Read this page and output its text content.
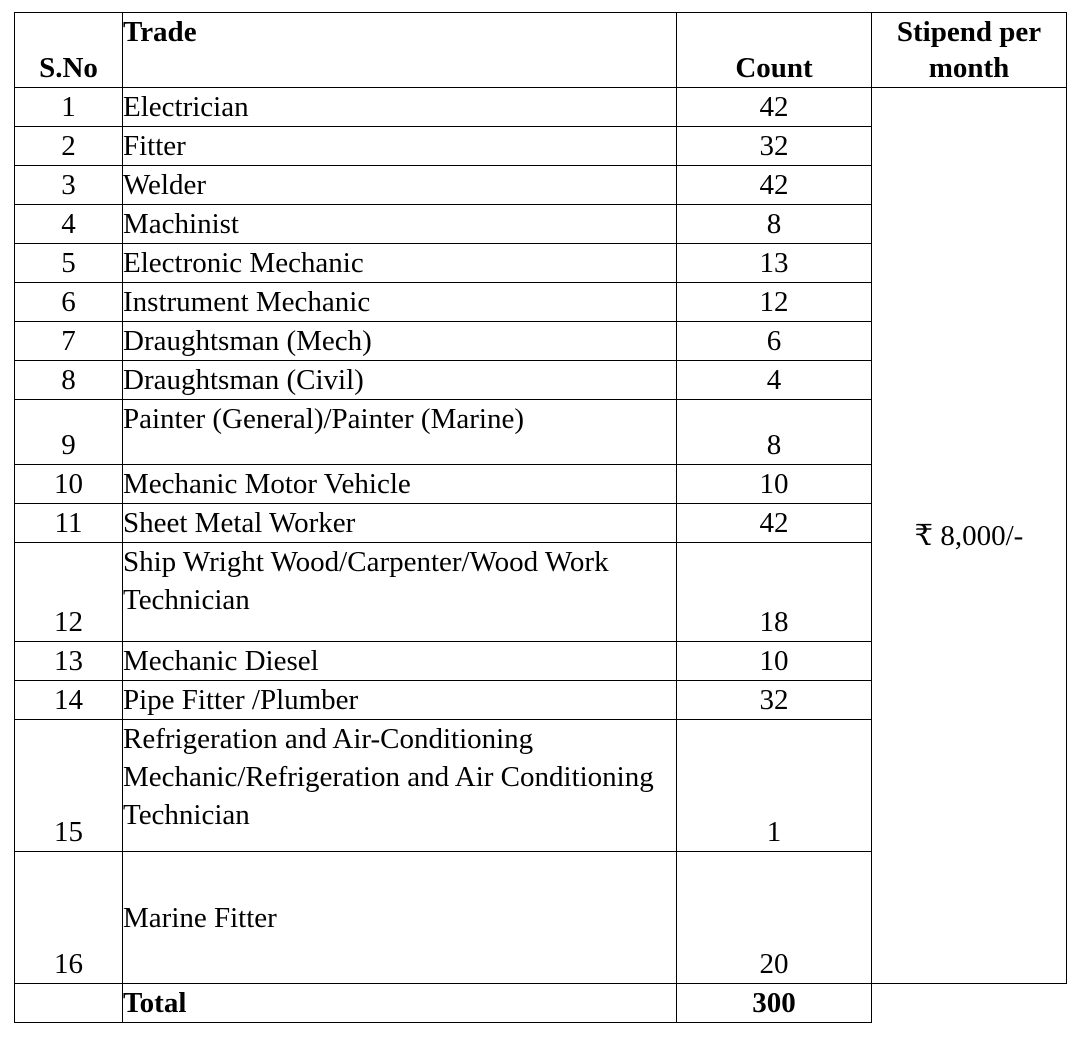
S.No	Trade	Count	Stipend per
month
1	Electrician	42	₹ 8,000/-
2	Fitter	32	
3	Welder	42	
4	Machinist	8	
5	Electronic Mechanic	13	
6	Instrument Mechanic	12	
7	Draughtsman (Mech)	6	
8	Draughtsman (Civil)	4	
9	Painter (General)/Painter (Marine)	8	
10	Mechanic Motor Vehicle	10	
11	Sheet Metal Worker	42	
12	Ship Wright Wood/Carpenter/Wood Work Technician	18	
13	Mechanic Diesel	10	
14	Pipe Fitter /Plumber	32	
15	Refrigeration and Air-Conditioning Mechanic/Refrigeration and Air Conditioning Technician	1	
16	Marine Fitter	20	
	Total	300	
